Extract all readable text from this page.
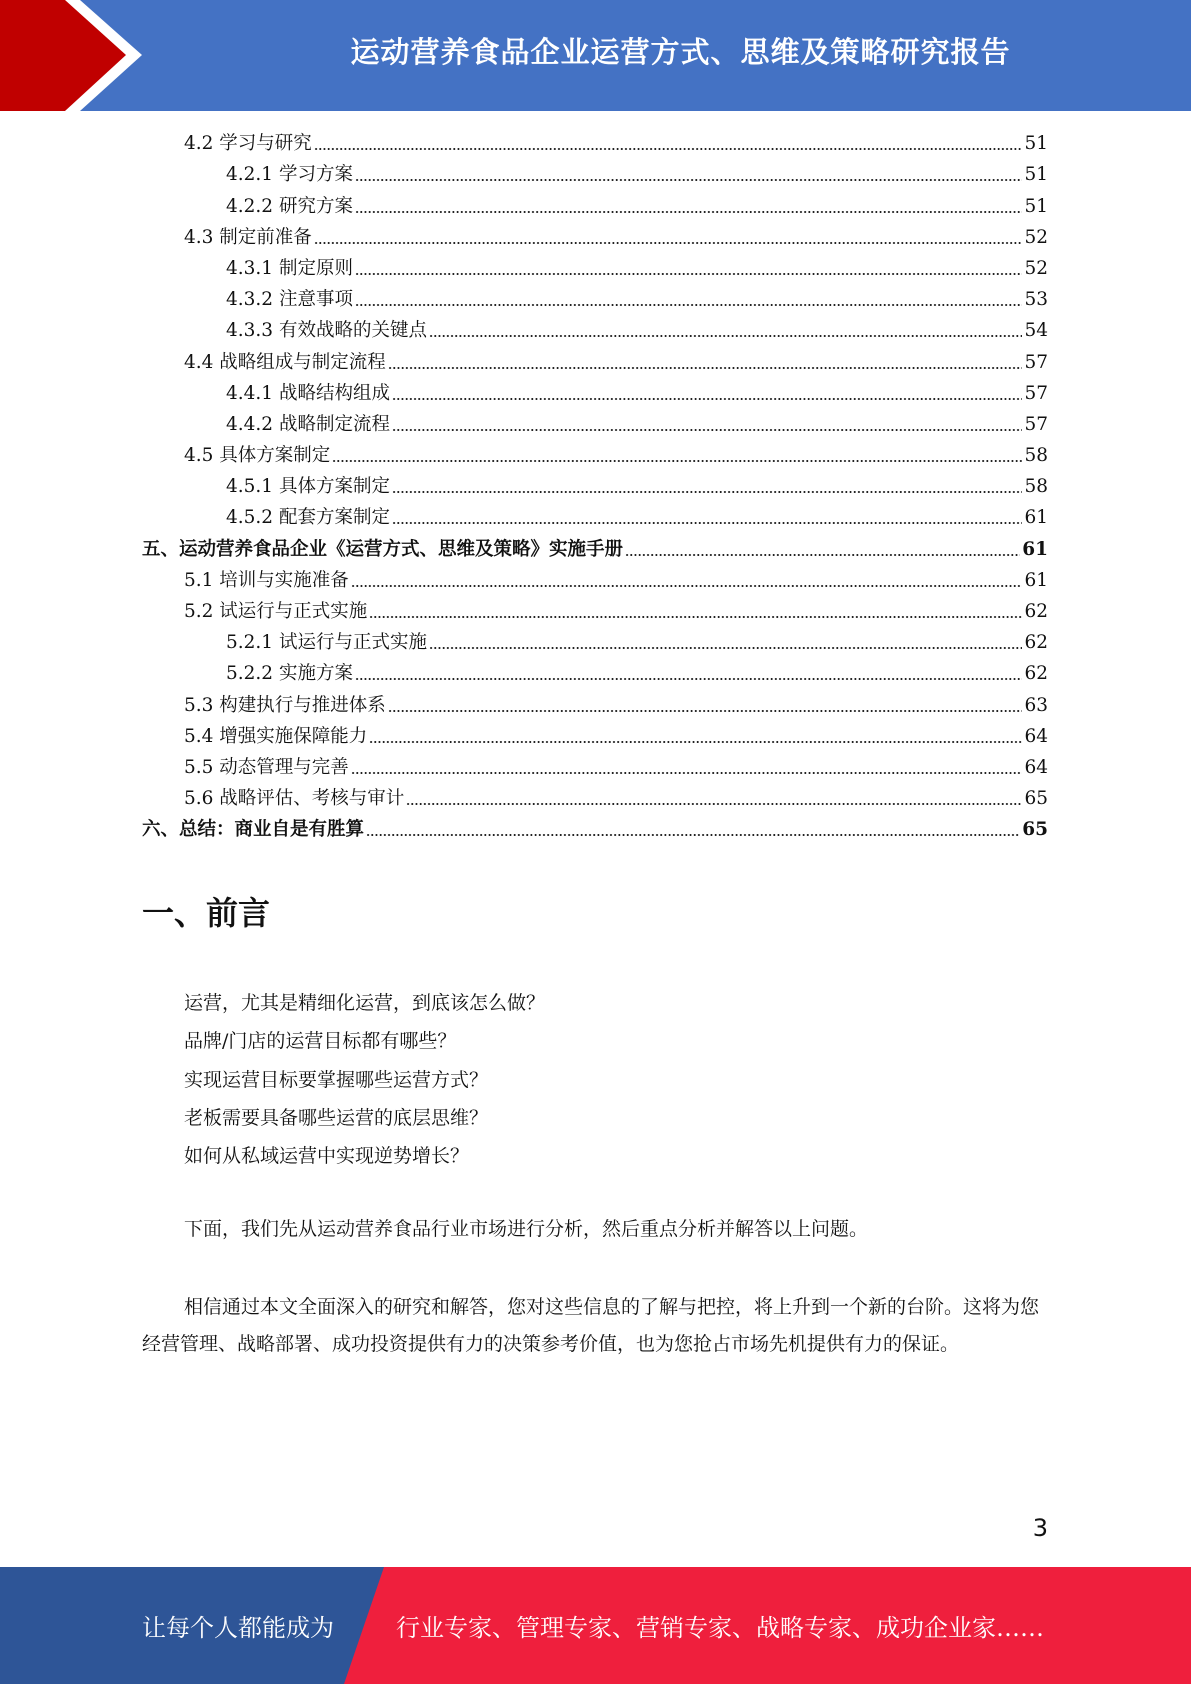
运动营养食品企业运营方式、思维及策略研究报告
4.2 学习与研究	51
4.2.1 学习方案	51
4.2.2 研究方案	51
4.3 制定前准备	52
4.3.1 制定原则	52
4.3.2 注意事项	53
4.3.3 有效战略的关键点	54
4.4 战略组成与制定流程	57
4.4.1 战略结构组成	57
4.4.2 战略制定流程	57
4.5 具体方案制定	58
4.5.1 具体方案制定	58
4.5.2 配套方案制定	61
五、运动营养食品企业《运营方式、思维及策略》实施手册	61
5.1 培训与实施准备	61
5.2 试运行与正式实施	62
5.2.1 试运行与正式实施	62
5.2.2 实施方案	62
5.3 构建执行与推进体系	63
5.4 增强实施保障能力	64
5.5 动态管理与完善	64
5.6 战略评估、考核与审计	65
六、总结：商业自是有胜算	65
一、前言
运营，尤其是精细化运营，到底该怎么做？
品牌/门店的运营目标都有哪些？
实现运营目标要掌握哪些运营方式？
老板需要具备哪些运营的底层思维？
如何从私域运营中实现逆势增长？

下面，我们先从运动营养食品行业市场进行分析，然后重点分析并解答以上问题。

相信通过本文全面深入的研究和解答，您对这些信息的了解与把控，将上升到一个新的台阶。这将为您经营管理、战略部署、成功投资提供有力的决策参考价值，也为您抢占市场先机提供有力的保证。

3
让每个人都能成为	行业专家、管理专家、营销专家、战略专家、成功企业家……
